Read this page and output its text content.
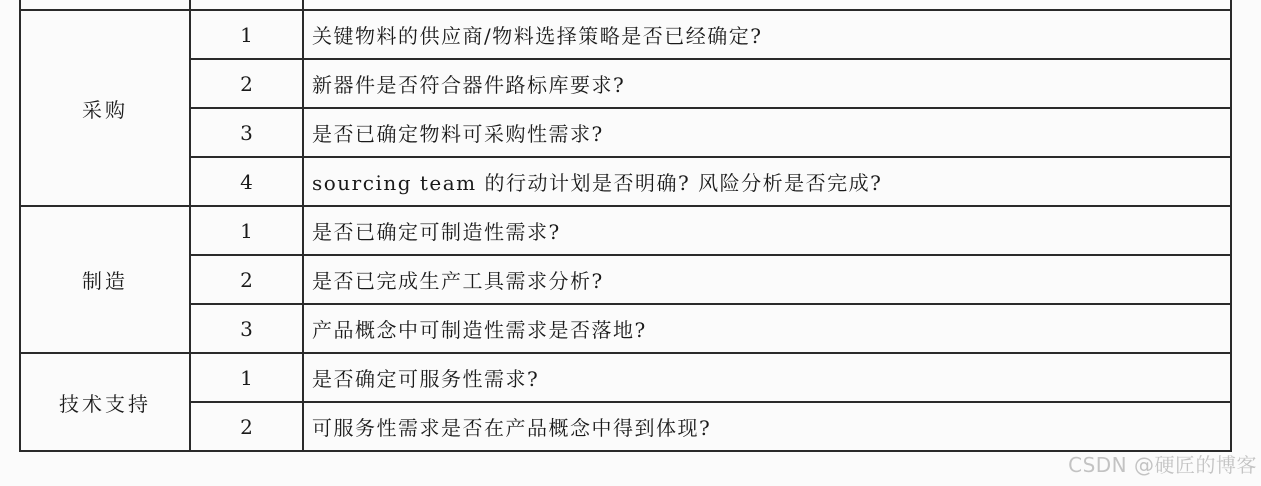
采购	1	关键物料的供应商/物料选择策略是否已经确定?
	2	新器件是否符合器件路标库要求?
	3	是否已确定物料可采购性需求?
	4	sourcing team 的行动计划是否明确? 风险分析是否完成?
制造	1	是否已确定可制造性需求?
	2	是否已完成生产工具需求分析?
	3	产品概念中可制造性需求是否落地?
技术支持	1	是否确定可服务性需求?
	2	可服务性需求是否在产品概念中得到体现?
CSDN @硬匠的博客
